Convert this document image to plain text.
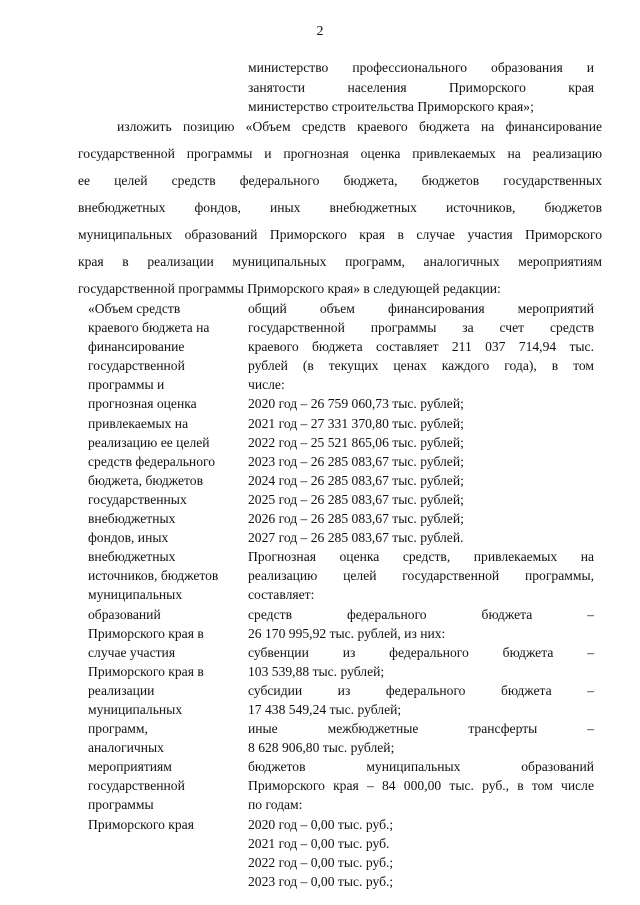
2
министерство профессионального образования и
занятости населения Приморского края
министерство строительства Приморского края»;
изложить позицию «Объем средств краевого бюджета на финансирование
государственной программы и прогнозная оценка привлекаемых на реализацию
ее целей средств федерального бюджета, бюджетов государственных
внебюджетных фондов, иных внебюджетных источников, бюджетов
муниципальных образований Приморского края в случае участия Приморского
края в реализации муниципальных программ, аналогичных мероприятиям
государственной программы Приморского края» в следующей редакции:
«Объем средств
краевого бюджета на
финансирование
государственной
программы и
прогнозная оценка
привлекаемых на
реализацию ее целей
средств федерального
бюджета, бюджетов
государственных
внебюджетных
фондов, иных
внебюджетных
источников, бюджетов
муниципальных
образований
Приморского края в
случае участия
Приморского края в
реализации
муниципальных
программ,
аналогичных
мероприятиям
государственной
программы
Приморского края
общий объем финансирования мероприятий
государственной программы за счет средств
краевого бюджета составляет 211 037 714,94 тыс.
рублей (в текущих ценах каждого года), в том
числе:
2020 год – 26 759 060,73 тыс. рублей;
2021 год – 27 331 370,80 тыс. рублей;
2022 год – 25 521 865,06 тыс. рублей;
2023 год – 26 285 083,67 тыс. рублей;
2024 год – 26 285 083,67 тыс. рублей;
2025 год – 26 285 083,67 тыс. рублей;
2026 год – 26 285 083,67 тыс. рублей;
2027 год – 26 285 083,67 тыс. рублей.
Прогнозная оценка средств, привлекаемых на
реализацию целей государственной программы,
составляет:
средств федерального бюджета –
26 170 995,92 тыс. рублей, из них:
субвенции из федерального бюджета –
103 539,88 тыс. рублей;
субсидии из федерального бюджета –
17 438 549,24 тыс. рублей;
иные межбюджетные трансферты –
8 628 906,80 тыс. рублей;
бюджетов муниципальных образований
Приморского края – 84 000,00 тыс. руб., в том числе
по годам:
2020 год – 0,00 тыс. руб.;
2021 год – 0,00 тыс. руб.
2022 год – 0,00 тыс. руб.;
2023 год – 0,00 тыс. руб.;
